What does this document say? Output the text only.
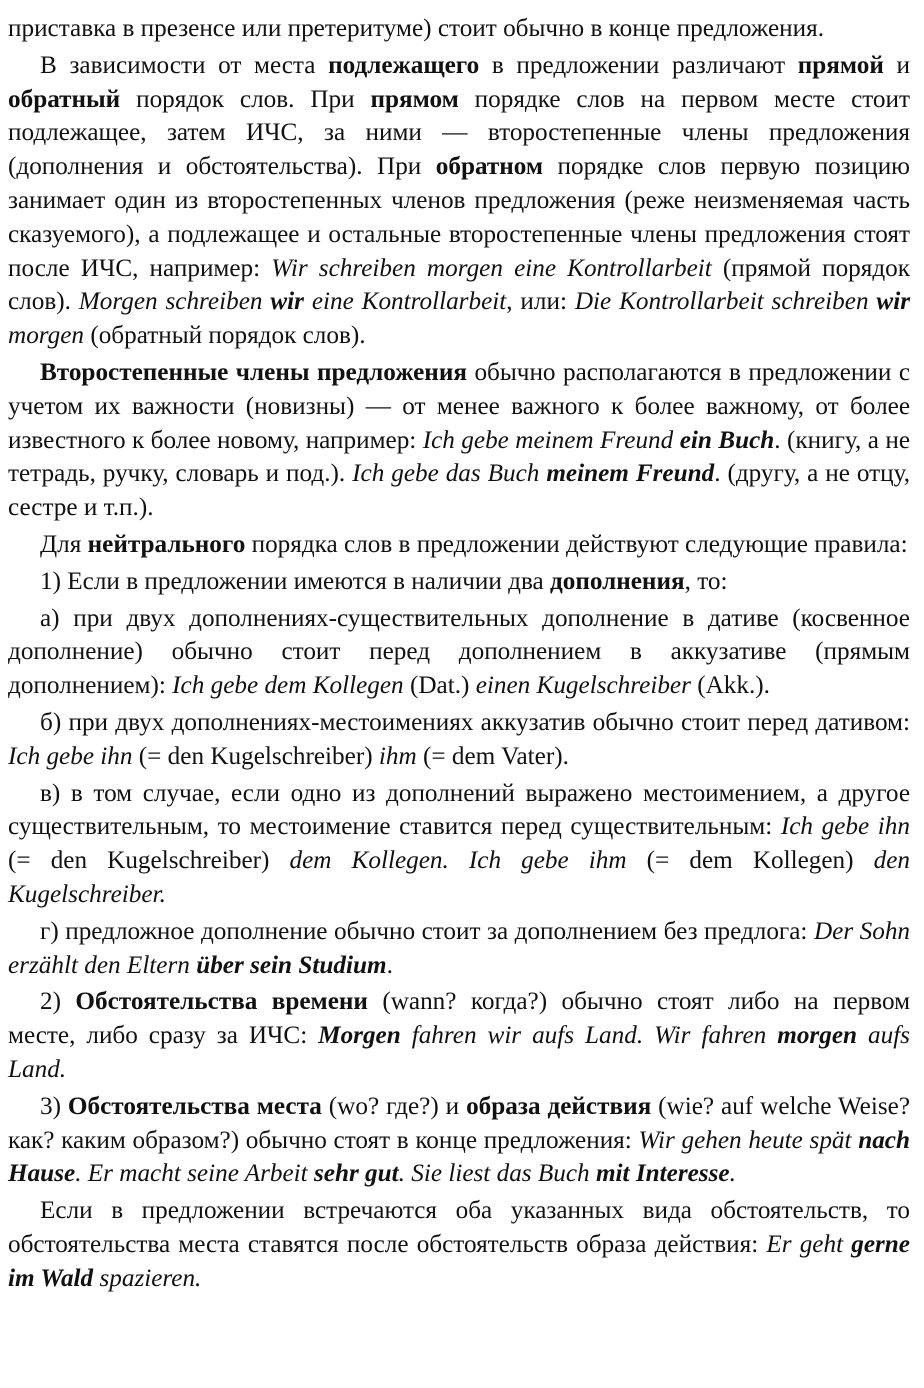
приставка в презенсе или претеритуме) стоит обычно в конце предложения.

В зависимости от места подлежащего в предложении различают прямой и обратный порядок слов. При прямом порядке слов на первом месте стоит подлежащее, затем ИЧС, за ними — второстепенные члены предложения (дополнения и обстоятельства). При обратном порядке слов первую позицию занимает один из второстепенных членов предложения (реже неизменяемая часть сказуемого), а подлежащее и остальные второстепенные члены предложения стоят после ИЧС, например: Wir schreiben morgen eine Kontrollarbeit (прямой порядок слов). Morgen schreiben wir eine Kontrollarbeit, или: Die Kontrollarbeit schreiben wir morgen (обратный порядок слов).

Второстепенные члены предложения обычно располагаются в предложении с учетом их важности (новизны) — от менее важного к более важному, от более известного к более новому, например: Ich gebe meinem Freund ein Buch. (книгу, а не тетрадь, ручку, словарь и под.). Ich gebe das Buch meinem Freund. (другу, а не отцу, сестре и т.п.).

Для нейтрального порядка слов в предложении действуют следующие правила:

1) Если в предложении имеются в наличии два дополнения, то:

а) при двух дополнениях-существительных дополнение в дативе (косвенное дополнение) обычно стоит перед дополнением в аккузативе (прямым дополнением): Ich gebe dem Kollegen (Dat.) einen Kugelschreiber (Akk.).

б) при двух дополнениях-местоимениях аккузатив обычно стоит перед дативом: Ich gebe ihn (= den Kugelschreiber) ihm (= dem Vater).

в) в том случае, если одно из дополнений выражено местоимением, а другое существительным, то местоимение ставится перед существительным: Ich gebe ihn (= den Kugelschreiber) dem Kollegen. Ich gebe ihm (= dem Kollegen) den Kugelschreiber.

г) предложное дополнение обычно стоит за дополнением без предлога: Der Sohn erzählt den Eltern über sein Studium.

2) Обстоятельства времени (wann? когда?) обычно стоят либо на первом месте, либо сразу за ИЧС: Morgen fahren wir aufs Land. Wir fahren morgen aufs Land.

3) Обстоятельства места (wo? где?) и образа действия (wie? auf welche Weise? как? каким образом?) обычно стоят в конце предложения: Wir gehen heute spät nach Hause. Er macht seine Arbeit sehr gut. Sie liest das Buch mit Interesse.

Если в предложении встречаются оба указанных вида обстоятельств, то обстоятельства места ставятся после обстоятельств образа действия: Er geht gerne im Wald spazieren.
